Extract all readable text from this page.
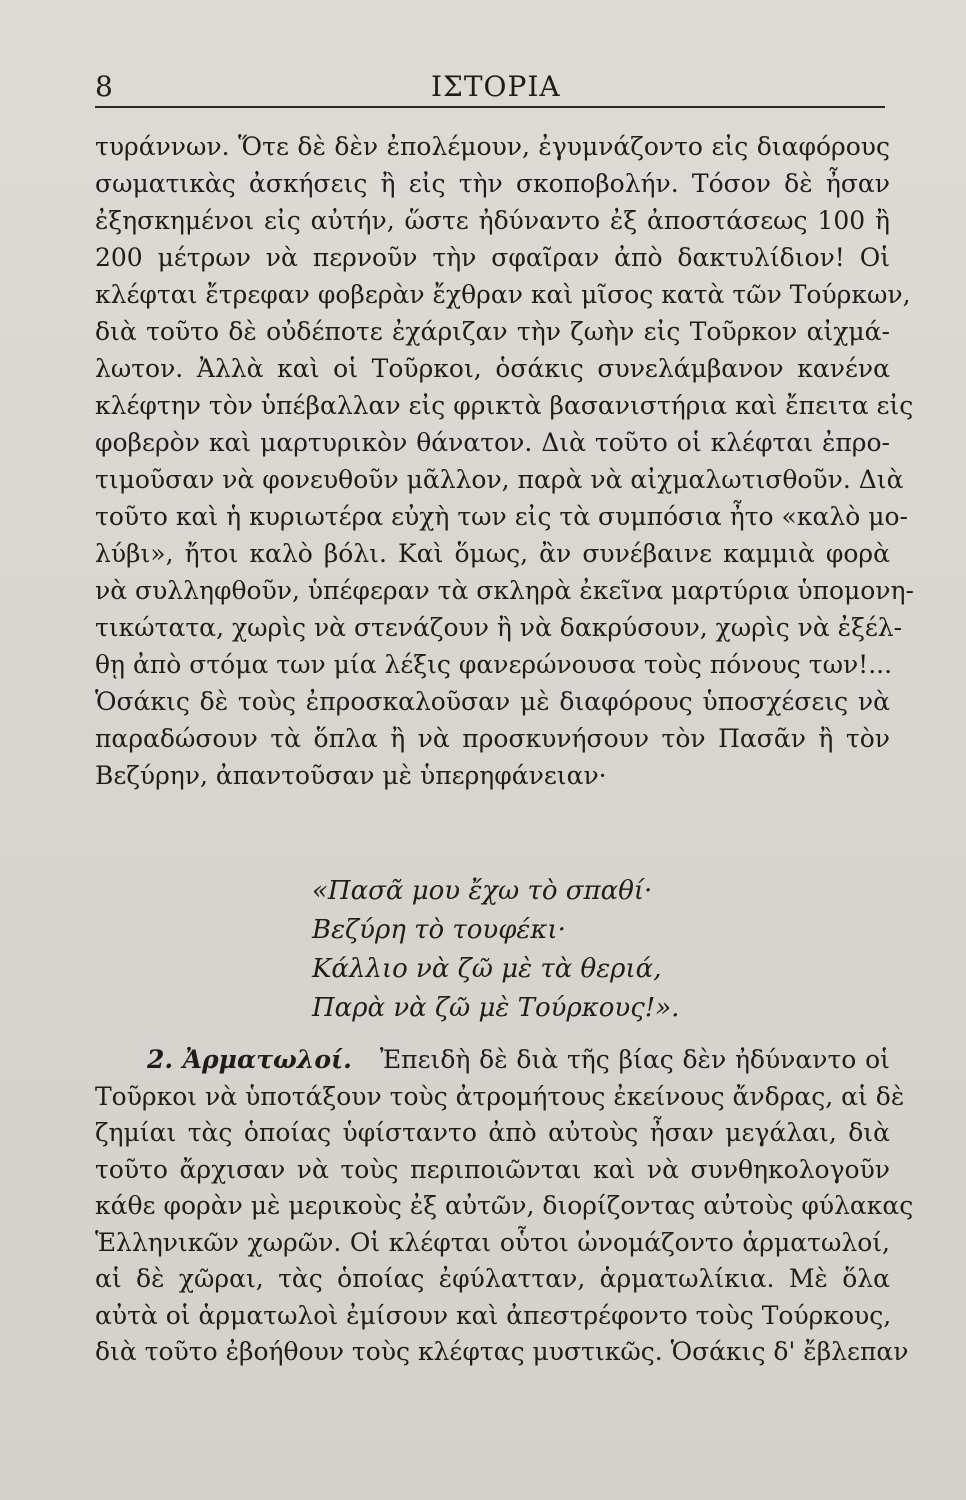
8	ΙΣΤΟΡΙΑ
τυράννων. Ὅτε δὲ δὲν ἐπολέμουν, ἐγυμνάζοντο εἰς διαφόρους
σωματικὰς ἀσκήσεις ἢ εἰς τὴν σκοποβολήν. Τόσον δὲ ἦσαν
ἐξησκημένοι εἰς αὐτήν, ὥστε ἠδύναντο ἐξ ἀποστάσεως 100 ἢ
200 μέτρων νὰ περνοῦν τὴν σφαῖραν ἀπὸ δακτυλίδιον! Οἱ
κλέφται ἔτρεφαν φοβερὰν ἔχθραν καὶ μῖσος κατὰ τῶν Τούρκων,
διὰ τοῦτο δὲ οὐδέποτε ἐχάριζαν τὴν ζωὴν εἰς Τοῦρκον αἰχμά-
λωτον. Ἀλλὰ καὶ οἱ Τοῦρκοι, ὁσάκις συνελάμβανον κανένα
κλέφτην τὸν ὑπέβαλλαν εἰς φρικτὰ βασανιστήρια καὶ ἔπειτα εἰς
φοβερὸν καὶ μαρτυρικὸν θάνατον. Διὰ τοῦτο οἱ κλέφται ἐπρο-
τιμοῦσαν νὰ φονευθοῦν μᾶλλον, παρὰ νὰ αἰχμαλωτισθοῦν. Διὰ
τοῦτο καὶ ἡ κυριωτέρα εὐχὴ των εἰς τὰ συμπόσια ἦτο «καλὸ μο-
λύβι», ἤτοι καλὸ βόλι. Καὶ ὅμως, ἂν συνέβαινε καμμιὰ φορὰ
νὰ συλληφθοῦν, ὑπέφεραν τὰ σκληρὰ ἐκεῖνα μαρτύρια ὑπομονη-
τικώτατα, χωρὶς νὰ στενάζουν ἢ νὰ δακρύσουν, χωρὶς νὰ ἐξέλ-
θῃ ἀπὸ στόμα των μία λέξις φανερώνουσα τοὺς πόνους των!...
Ὁσάκις δὲ τοὺς ἐπροσκαλοῦσαν μὲ διαφόρους ὑποσχέσεις νὰ
παραδώσουν τὰ ὅπλα ἢ νὰ προσκυνήσουν τὸν Πασᾶν ἢ τὸν
Βεζύρην, ἀπαντοῦσαν μὲ ὑπερηφάνειαν·
«Πασᾶ μου ἔχω τὸ σπαθί·
Βεζύρη τὸ τουφέκι·
Κάλλιο νὰ ζῶ μὲ τὰ θεριά,
Παρὰ νὰ ζῶ μὲ Τούρκους!».
2. Ἀρματωλοί. Ἐπειδὴ δὲ διὰ τῆς βίας δὲν ἠδύναντο οἱ
Τοῦρκοι νὰ ὑποτάξουν τοὺς ἀτρομήτους ἐκείνους ἄνδρας, αἱ δὲ
ζημίαι τὰς ὁποίας ὑφίσταντο ἀπὸ αὐτοὺς ἦσαν μεγάλαι, διὰ
τοῦτο ἄρχισαν νὰ τοὺς περιποιῶνται καὶ νὰ συνθηκολογοῦν
κάθε φορὰν μὲ μερικοὺς ἐξ αὐτῶν, διορίζοντας αὐτοὺς φύλακας
Ἑλληνικῶν χωρῶν. Οἱ κλέφται οὗτοι ὠνομάζοντο ἁρματωλοί,
αἱ δὲ χῶραι, τὰς ὁποίας ἐφύλατταν, ἁρματωλίκια. Μὲ ὅλα
αὐτὰ οἱ ἁρματωλοὶ ἐμίσουν καὶ ἀπεστρέφοντο τοὺς Τούρκους,
διὰ τοῦτο ἐβοήθουν τοὺς κλέφτας μυστικῶς. Ὁσάκις δ' ἔβλεπαν
